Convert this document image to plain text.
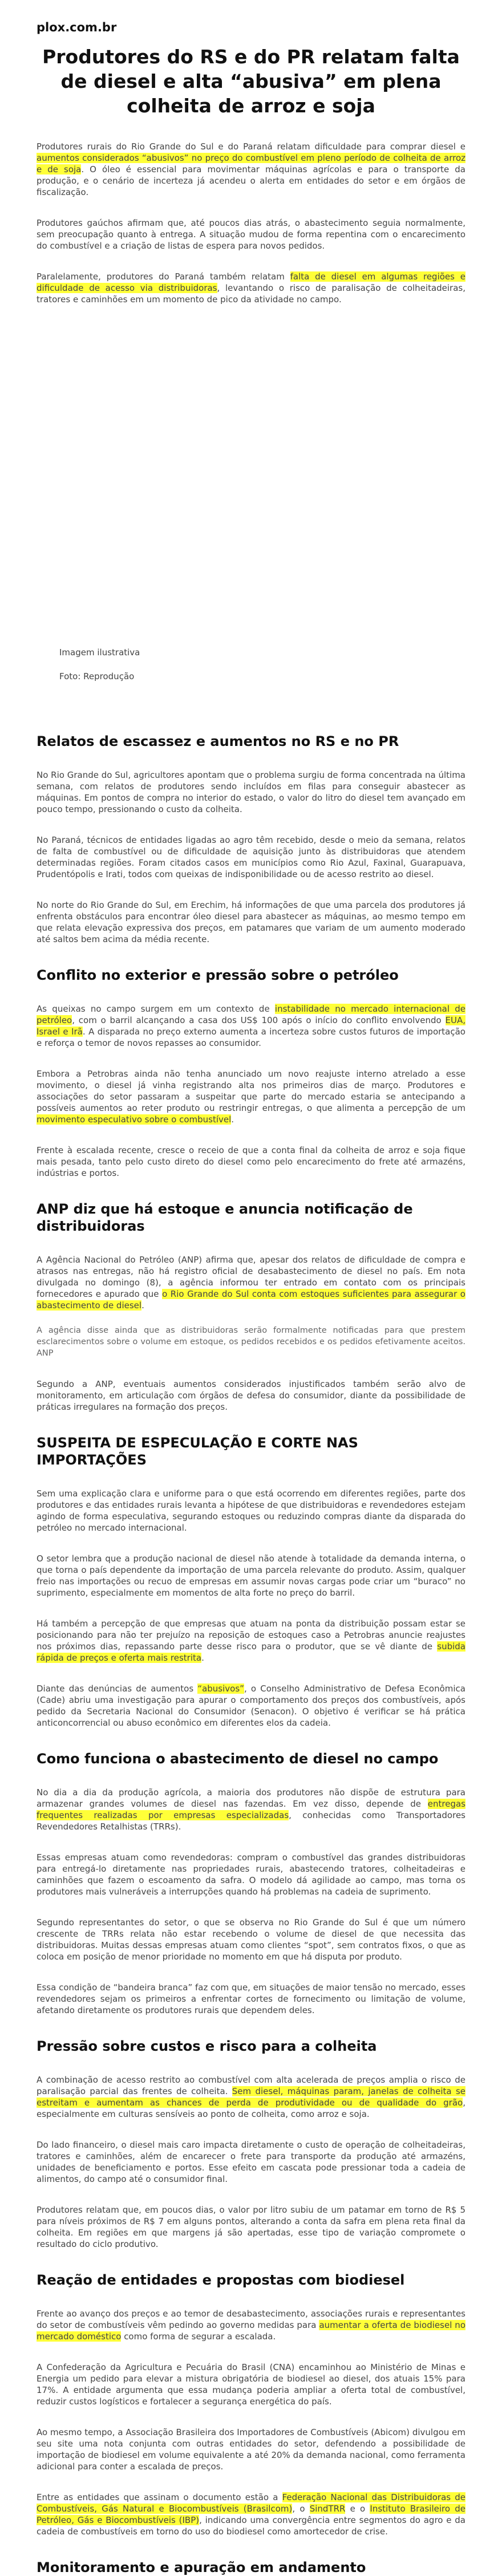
plox.com.br
Produtores do RS e do PR relatam falta de diesel e alta “abusiva” em plena colheita de arroz e soja

Produtores rurais do Rio Grande do Sul e do Paraná relatam dificuldade para comprar diesel e aumentos considerados “abusivos” no preço do combustível em pleno período de colheita de arroz e de soja. O óleo é essencial para movimentar máquinas agrícolas e para o transporte da produção, e o cenário de incerteza já acendeu o alerta em entidades do setor e em órgãos de fiscalização.

Produtores gaúchos afirmam que, até poucos dias atrás, o abastecimento seguia normalmente, sem preocupação quanto à entrega. A situação mudou de forma repentina com o encarecimento do combustível e a criação de listas de espera para novos pedidos.

Paralelamente, produtores do Paraná também relatam falta de diesel em algumas regiões e dificuldade de acesso via distribuidoras, levantando o risco de paralisação de colheitadeiras, tratores e caminhões em um momento de pico da atividade no campo.

Imagem ilustrativa
Foto: Reprodução
Relatos de escassez e aumentos no RS e no PR

No Rio Grande do Sul, agricultores apontam que o problema surgiu de forma concentrada na última semana, com relatos de produtores sendo incluídos em filas para conseguir abastecer as máquinas. Em pontos de compra no interior do estado, o valor do litro do diesel tem avançado em pouco tempo, pressionando o custo da colheita.

No Paraná, técnicos de entidades ligadas ao agro têm recebido, desde o meio da semana, relatos de falta de combustível ou de dificuldade de aquisição junto às distribuidoras que atendem determinadas regiões. Foram citados casos em municípios como Rio Azul, Faxinal, Guarapuava, Prudentópolis e Irati, todos com queixas de indisponibilidade ou de acesso restrito ao diesel.

No norte do Rio Grande do Sul, em Erechim, há informações de que uma parcela dos produtores já enfrenta obstáculos para encontrar óleo diesel para abastecer as máquinas, ao mesmo tempo em que relata elevação expressiva dos preços, em patamares que variam de um aumento moderado até saltos bem acima da média recente.

Conflito no exterior e pressão sobre o petróleo

As queixas no campo surgem em um contexto de instabilidade no mercado internacional de petróleo, com o barril alcançando a casa dos US$ 100 após o início do conflito envolvendo EUA, Israel e Irã. A disparada no preço externo aumenta a incerteza sobre custos futuros de importação e reforça o temor de novos repasses ao consumidor.

Embora a Petrobras ainda não tenha anunciado um novo reajuste interno atrelado a esse movimento, o diesel já vinha registrando alta nos primeiros dias de março. Produtores e associações do setor passaram a suspeitar que parte do mercado estaria se antecipando a possíveis aumentos ao reter produto ou restringir entregas, o que alimenta a percepção de um movimento especulativo sobre o combustível.

Frente à escalada recente, cresce o receio de que a conta final da colheita de arroz e soja fique mais pesada, tanto pelo custo direto do diesel como pelo encarecimento do frete até armazéns, indústrias e portos.

ANP diz que há estoque e anuncia notificação de distribuidoras

A Agência Nacional do Petróleo (ANP) afirma que, apesar dos relatos de dificuldade de compra e atrasos nas entregas, não há registro oficial de desabastecimento de diesel no país. Em nota divulgada no domingo (8), a agência informou ter entrado em contato com os principais fornecedores e apurado que o Rio Grande do Sul conta com estoques suficientes para assegurar o abastecimento de diesel.

A agência disse ainda que as distribuidoras serão formalmente notificadas para que prestem esclarecimentos sobre o volume em estoque, os pedidos recebidos e os pedidos efetivamente aceitos. ANP

Segundo a ANP, eventuais aumentos considerados injustificados também serão alvo de monitoramento, em articulação com órgãos de defesa do consumidor, diante da possibilidade de práticas irregulares na formação dos preços.

SUSPEITA DE ESPECULAÇÃO E CORTE NAS IMPORTAÇÕES

Sem uma explicação clara e uniforme para o que está ocorrendo em diferentes regiões, parte dos produtores e das entidades rurais levanta a hipótese de que distribuidoras e revendedores estejam agindo de forma especulativa, segurando estoques ou reduzindo compras diante da disparada do petróleo no mercado internacional.

O setor lembra que a produção nacional de diesel não atende à totalidade da demanda interna, o que torna o país dependente da importação de uma parcela relevante do produto. Assim, qualquer freio nas importações ou recuo de empresas em assumir novas cargas pode criar um “buraco” no suprimento, especialmente em momentos de alta forte no preço do barril.

Há também a percepção de que empresas que atuam na ponta da distribuição possam estar se posicionando para não ter prejuízo na reposição de estoques caso a Petrobras anuncie reajustes nos próximos dias, repassando parte desse risco para o produtor, que se vê diante de subida rápida de preços e oferta mais restrita.

Diante das denúncias de aumentos “abusivos”, o Conselho Administrativo de Defesa Econômica (Cade) abriu uma investigação para apurar o comportamento dos preços dos combustíveis, após pedido da Secretaria Nacional do Consumidor (Senacon). O objetivo é verificar se há prática anticoncorrencial ou abuso econômico em diferentes elos da cadeia.

Como funciona o abastecimento de diesel no campo

No dia a dia da produção agrícola, a maioria dos produtores não dispõe de estrutura para armazenar grandes volumes de diesel nas fazendas. Em vez disso, depende de entregas frequentes realizadas por empresas especializadas, conhecidas como Transportadores Revendedores Retalhistas (TRRs).

Essas empresas atuam como revendedoras: compram o combustível das grandes distribuidoras para entregá-lo diretamente nas propriedades rurais, abastecendo tratores, colheitadeiras e caminhões que fazem o escoamento da safra. O modelo dá agilidade ao campo, mas torna os produtores mais vulneráveis a interrupções quando há problemas na cadeia de suprimento.

Segundo representantes do setor, o que se observa no Rio Grande do Sul é que um número crescente de TRRs relata não estar recebendo o volume de diesel de que necessita das distribuidoras. Muitas dessas empresas atuam como clientes “spot”, sem contratos fixos, o que as coloca em posição de menor prioridade no momento em que há disputa por produto.

Essa condição de “bandeira branca” faz com que, em situações de maior tensão no mercado, esses revendedores sejam os primeiros a enfrentar cortes de fornecimento ou limitação de volume, afetando diretamente os produtores rurais que dependem deles.

Pressão sobre custos e risco para a colheita

A combinação de acesso restrito ao combustível com alta acelerada de preços amplia o risco de paralisação parcial das frentes de colheita. Sem diesel, máquinas param, janelas de colheita se estreitam e aumentam as chances de perda de produtividade ou de qualidade do grão, especialmente em culturas sensíveis ao ponto de colheita, como arroz e soja.

Do lado financeiro, o diesel mais caro impacta diretamente o custo de operação de colheitadeiras, tratores e caminhões, além de encarecer o frete para transporte da produção até armazéns, unidades de beneficiamento e portos. Esse efeito em cascata pode pressionar toda a cadeia de alimentos, do campo até o consumidor final.

Produtores relatam que, em poucos dias, o valor por litro subiu de um patamar em torno de R$ 5 para níveis próximos de R$ 7 em alguns pontos, alterando a conta da safra em plena reta final da colheita. Em regiões em que margens já são apertadas, esse tipo de variação compromete o resultado do ciclo produtivo.

Reação de entidades e propostas com biodiesel

Frente ao avanço dos preços e ao temor de desabastecimento, associações rurais e representantes do setor de combustíveis vêm pedindo ao governo medidas para aumentar a oferta de biodiesel no mercado doméstico como forma de segurar a escalada.

A Confederação da Agricultura e Pecuária do Brasil (CNA) encaminhou ao Ministério de Minas e Energia um pedido para elevar a mistura obrigatória de biodiesel ao diesel, dos atuais 15% para 17%. A entidade argumenta que essa mudança poderia ampliar a oferta total de combustível, reduzir custos logísticos e fortalecer a segurança energética do país.

Ao mesmo tempo, a Associação Brasileira dos Importadores de Combustíveis (Abicom) divulgou em seu site uma nota conjunta com outras entidades do setor, defendendo a possibilidade de importação de biodiesel em volume equivalente a até 20% da demanda nacional, como ferramenta adicional para conter a escalada de preços.

Entre as entidades que assinam o documento estão a Federação Nacional das Distribuidoras de Combustíveis, Gás Natural e Biocombustíveis (Brasilcom), o SindTRR e o Instituto Brasileiro de Petróleo, Gás e Biocombustíveis (IBP), indicando uma convergência entre segmentos do agro e da cadeia de combustíveis em torno do uso do biodiesel como amortecedor de crise.

Monitoramento e apuração em andamento
